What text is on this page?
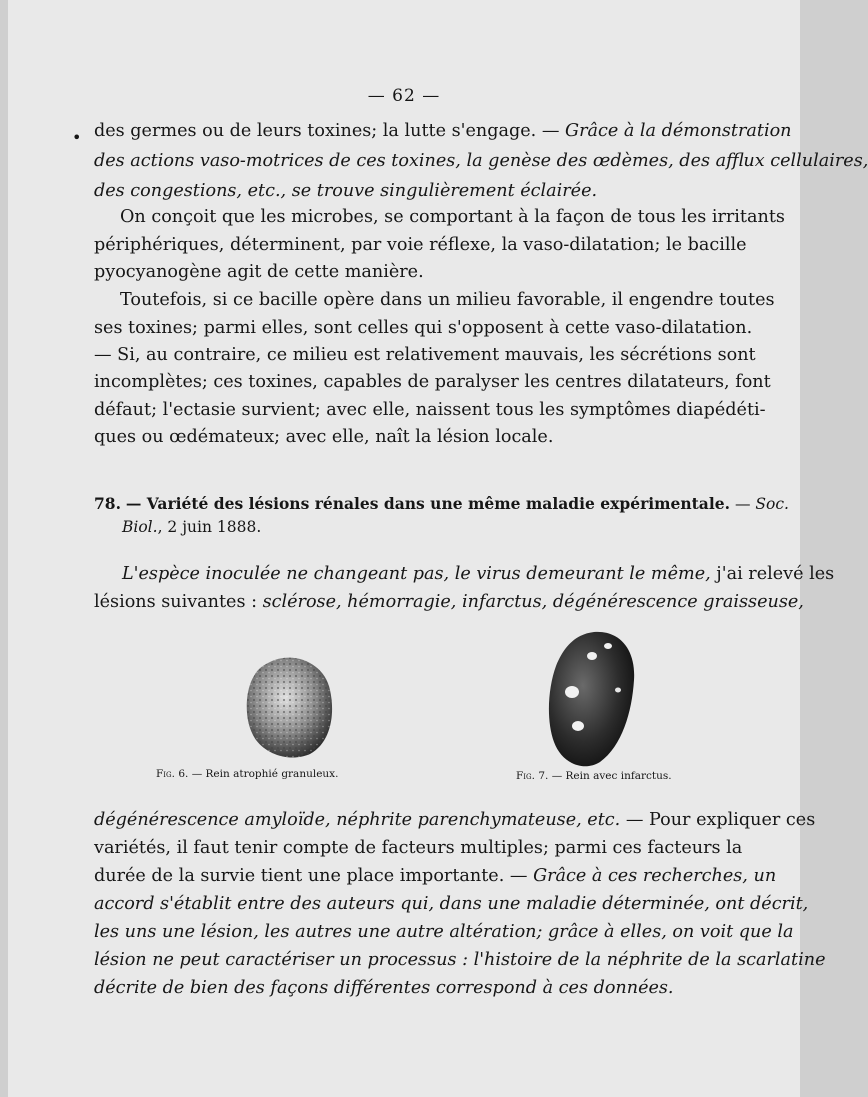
— 62 —
• des germes ou de leurs toxines; la lutte s'engage. — Grâce à la démonstration
des actions vaso-motrices de ces toxines, la genèse des œdèmes, des afflux cellulaires,
des congestions, etc., se trouve singulièrement éclairée.
On conçoit que les microbes, se comportant à la façon de tous les irritants
périphériques, déterminent, par voie réflexe, la vaso-dilatation; le bacille
pyocyanogène agit de cette manière.
Toutefois, si ce bacille opère dans un milieu favorable, il engendre toutes
ses toxines; parmi elles, sont celles qui s'opposent à cette vaso-dilatation.
— Si, au contraire, ce milieu est relativement mauvais, les sécrétions sont
incomplètes; ces toxines, capables de paralyser les centres dilatateurs, font
défaut; l'ectasie survient; avec elle, naissent tous les symptômes diapédéti-
ques ou œdémateux; avec elle, naît la lésion locale.
78. — Variété des lésions rénales dans une même maladie expérimentale. — Soc.
Biol., 2 juin 1888.
L'espèce inoculée ne changeant pas, le virus demeurant le même, j'ai relevé les
lésions suivantes : sclérose, hémorragie, infarctus, dégénérescence graisseuse,
Fig. 6. — Rein atrophié granuleux.	Fig. 7. — Rein avec infarctus.
dégénérescence amyloïde, néphrite parenchymateuse, etc. — Pour expliquer ces
variétés, il faut tenir compte de facteurs multiples; parmi ces facteurs la
durée de la survie tient une place importante. — Grâce à ces recherches, un
accord s'établit entre des auteurs qui, dans une maladie déterminée, ont décrit,
les uns une lésion, les autres une autre altération; grâce à elles, on voit que la
lésion ne peut caractériser un processus : l'histoire de la néphrite de la scarlatine
décrite de bien des façons différentes correspond à ces données.
